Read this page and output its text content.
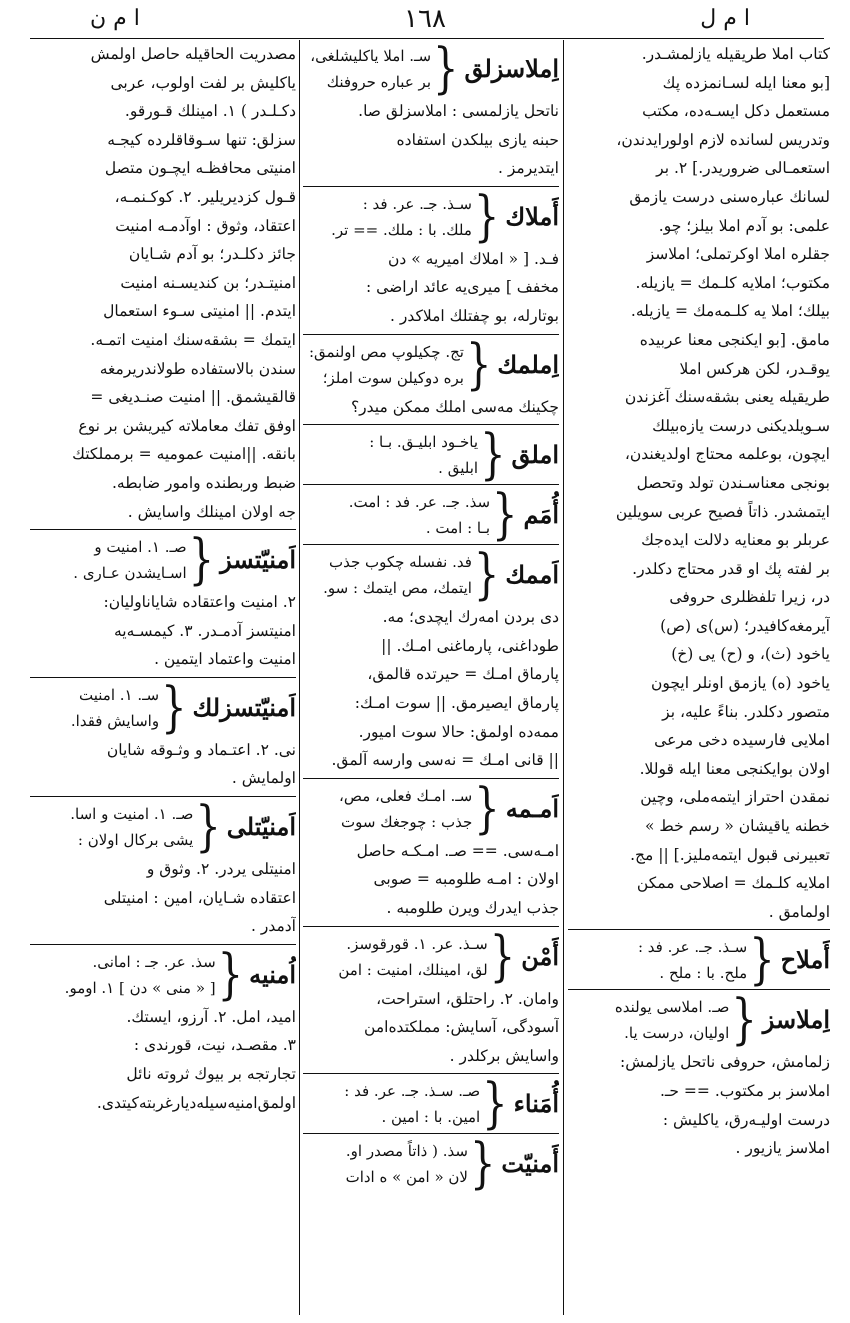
ا م ن	١٦٨	ا م ل
كتاب املا طريقيله يازلمشـدر.
[بو معنا ايله لسـانمزده پك
مستعمل دكل ايسـه‌ده، مكتب
وتدريس لسانده لازم اولورايدندن،
استعمـالى ضروريدر.] ٢. بر
لسانك عباره‌سنى درست يازمق
علمى: بو آدم املا بيلز؛ چو.
جقلره املا اوكرتملى؛ املاسز
مكتوب؛ املايه كلـمك = يازيله.
بيلك؛ املا يه كلـمه‌مك = يازيله.
مامق. [بو ايكنجى معنا عربيده
يوقـدر، لكن هركس املا
طريقيله يعنى بشقه‌سنك آغزندن
سـويلديكنى درست يازه‌بيلك
ايچون، بوعلمه محتاج اولديغندن،
بونجى معناسـندن تولد وتحصل
ايتمشدر. ذاتاً فصيح عربى سويلين
عربلر بو معنايه دلالت ايده‌جك
بر لفته پك او قدر محتاج دكلدر.
در، زيرا تلفظلرى حروفى
آيرمغه‌كافيدر؛ (س)ى (ص)
ياخود (ث)، و (ح) يى (خ)
ياخود (ه) يازمق اونلر ايچون
متصور دكلدر. بناءً عليه، بز
املايى فارسيده دخى مرعى
اولان بوايكنجى معنا ايله قوللا.
نمقدن احتراز ايتمه‌ملى، وچين
خطنه ياقيشان « رسم خط »
تعبيرنى قبول ايتمه‌مليز.] || مج.
املايه كلـمك = اصلاحى ممكن
اولمامق .
أَملاح
{
سـذ. جـ. عر. فد :
ملح. با : ملح .
اِملاسز
{
صـ. املاسى يولنده
اوليان، درست يا.
زلمامش، حروفى ناتحل يازلمش:
املاسز بر مكتوب. == حـ.
درست اوليـه‌رق، ياكليش :
املاسز يازيور .
اِملاسزلق
{
سـ. املا ياكليشلغى،
بر عباره حروفنك
ناتحل يازلمسى : املاسزلق صا.
حبنه يازى بيلكدن استفاده
ايتديرمز .
أَملاك
{
سـذ. جـ. عر. فد :
ملك. با : ملك. == تر.
فـد. [ « املاك اميريه » دن
مخفف ] ميرى‌يه عائد اراضى :
بوتارله، بو چفتلك املاكدر .
اِملمك
{
تج. چكيلوپ مص اولنمق:
بره دوكيلن سوت املز؛
چكينك مه‌سى املك ممكن ميدر؟
املق
{
ياخـود ابليـق. بـا :
ابليق .
أُمَم
{
سذ. جـ. عر. فد : امت.
بـا : امت .
اَممك
{
فد. نفسله چكوب جذب
ايتمك، مص ايتمك : سو.
دى بردن امه‌رك ايچدى؛ مه.
طوداغنى، پارماغنى امـك. ||
پارماق امـك = حيرتده قالمق،
پارماق ايصيرمق. || سوت امـك:
ممه‌ده اولمق: حالا سوت اميور.
|| قانى امـك = نه‌سى وارسه آلمق.
اَمـمه
{
سـ. امـك فعلى، مص،
جذب : چوجغك سوت
امـه‌سى. == صـ. امـكـه حاصل
اولان : امـه طلومبه = صوبى
جذب ايدرك ويرن طلومبه .
أَمْن
{
سـذ. عر. ١. قورقوسز.
لق، امينلك، امنيت : امن
وامان. ٢. راحتلق، استراحت،
آسودگى، آسايش: مملكتده‌امن
واسايش بركلدر .
أُمَناء
{
صـ. سـذ. جـ. عر. فد :
امين. با : امين .
أَمنيّت
{
سذ. ( ذاتاً مصدر او.
لان « امن » ه ادات
مصدريت الحاقيله حاصل اولمش
ياكليش بر لفت اولوب، عربى
دكـلـدر ) ١. امينلك قـورقو.
سزلق: تنها سـوقاقلرده كيجـه
امنيتى محافظـه ايچـون متصل
قـول كزديريلير. ٢. كوكـنمـه،
اعتقاد، وثوق : اوآدمـه امنيت
جائز دكلـدر؛ بو آدم شـايان
امنيتـدر؛ بن كنديسـنه امنيت
ايتدم. || امنيتى سـوء استعمال
ايتمك = بشقه‌سنك امنيت اتمـه.
سندن بالاستفاده طولاندريرمغه
قالقيشمق. || امنيت صنـديغى =
اوفق تفك معاملاته كيريشن بر نوع
بانقه. ||امنيت عموميه = برمملكتك
ضبط وربطنده وامور ضابطه.
جه اولان امينلك واسايش .
اَمنيّتسز
{
صـ. ١. امنيت و
اسـايشدن عـارى .
٢. امنيت واعتقاده شاياناوليان:
امنيتسز آدمـدر. ٣. كيمسـه‌يه
امنيت واعتماد ايتمين .
اَمنيّتسزلك
{
سـ. ١. امنيت
واسايش فقدا.
نى. ٢. اعتـماد و وثـوقه شايان
اولمايش .
اَمنيّتلى
{
صـ. ١. امنيت و اسا.
يشى بركال اولان :
امنيتلى يردر. ٢. وثوق و
اعتقاده شـايان، امين : امنيتلى
آدمدر .
اُمنيه
{
سذ. عر. جـ : امانى.
[ « منى » دن ] ١. اومو.
اميد، امل. ٢. آرزو، ايستك.
٣. مقصـد، نيت، قورندى :
تجارتجه بر بيوك ثروته نائل
اولمق‌امنيه‌سيله‌ديارغربته‌كيتدى.
